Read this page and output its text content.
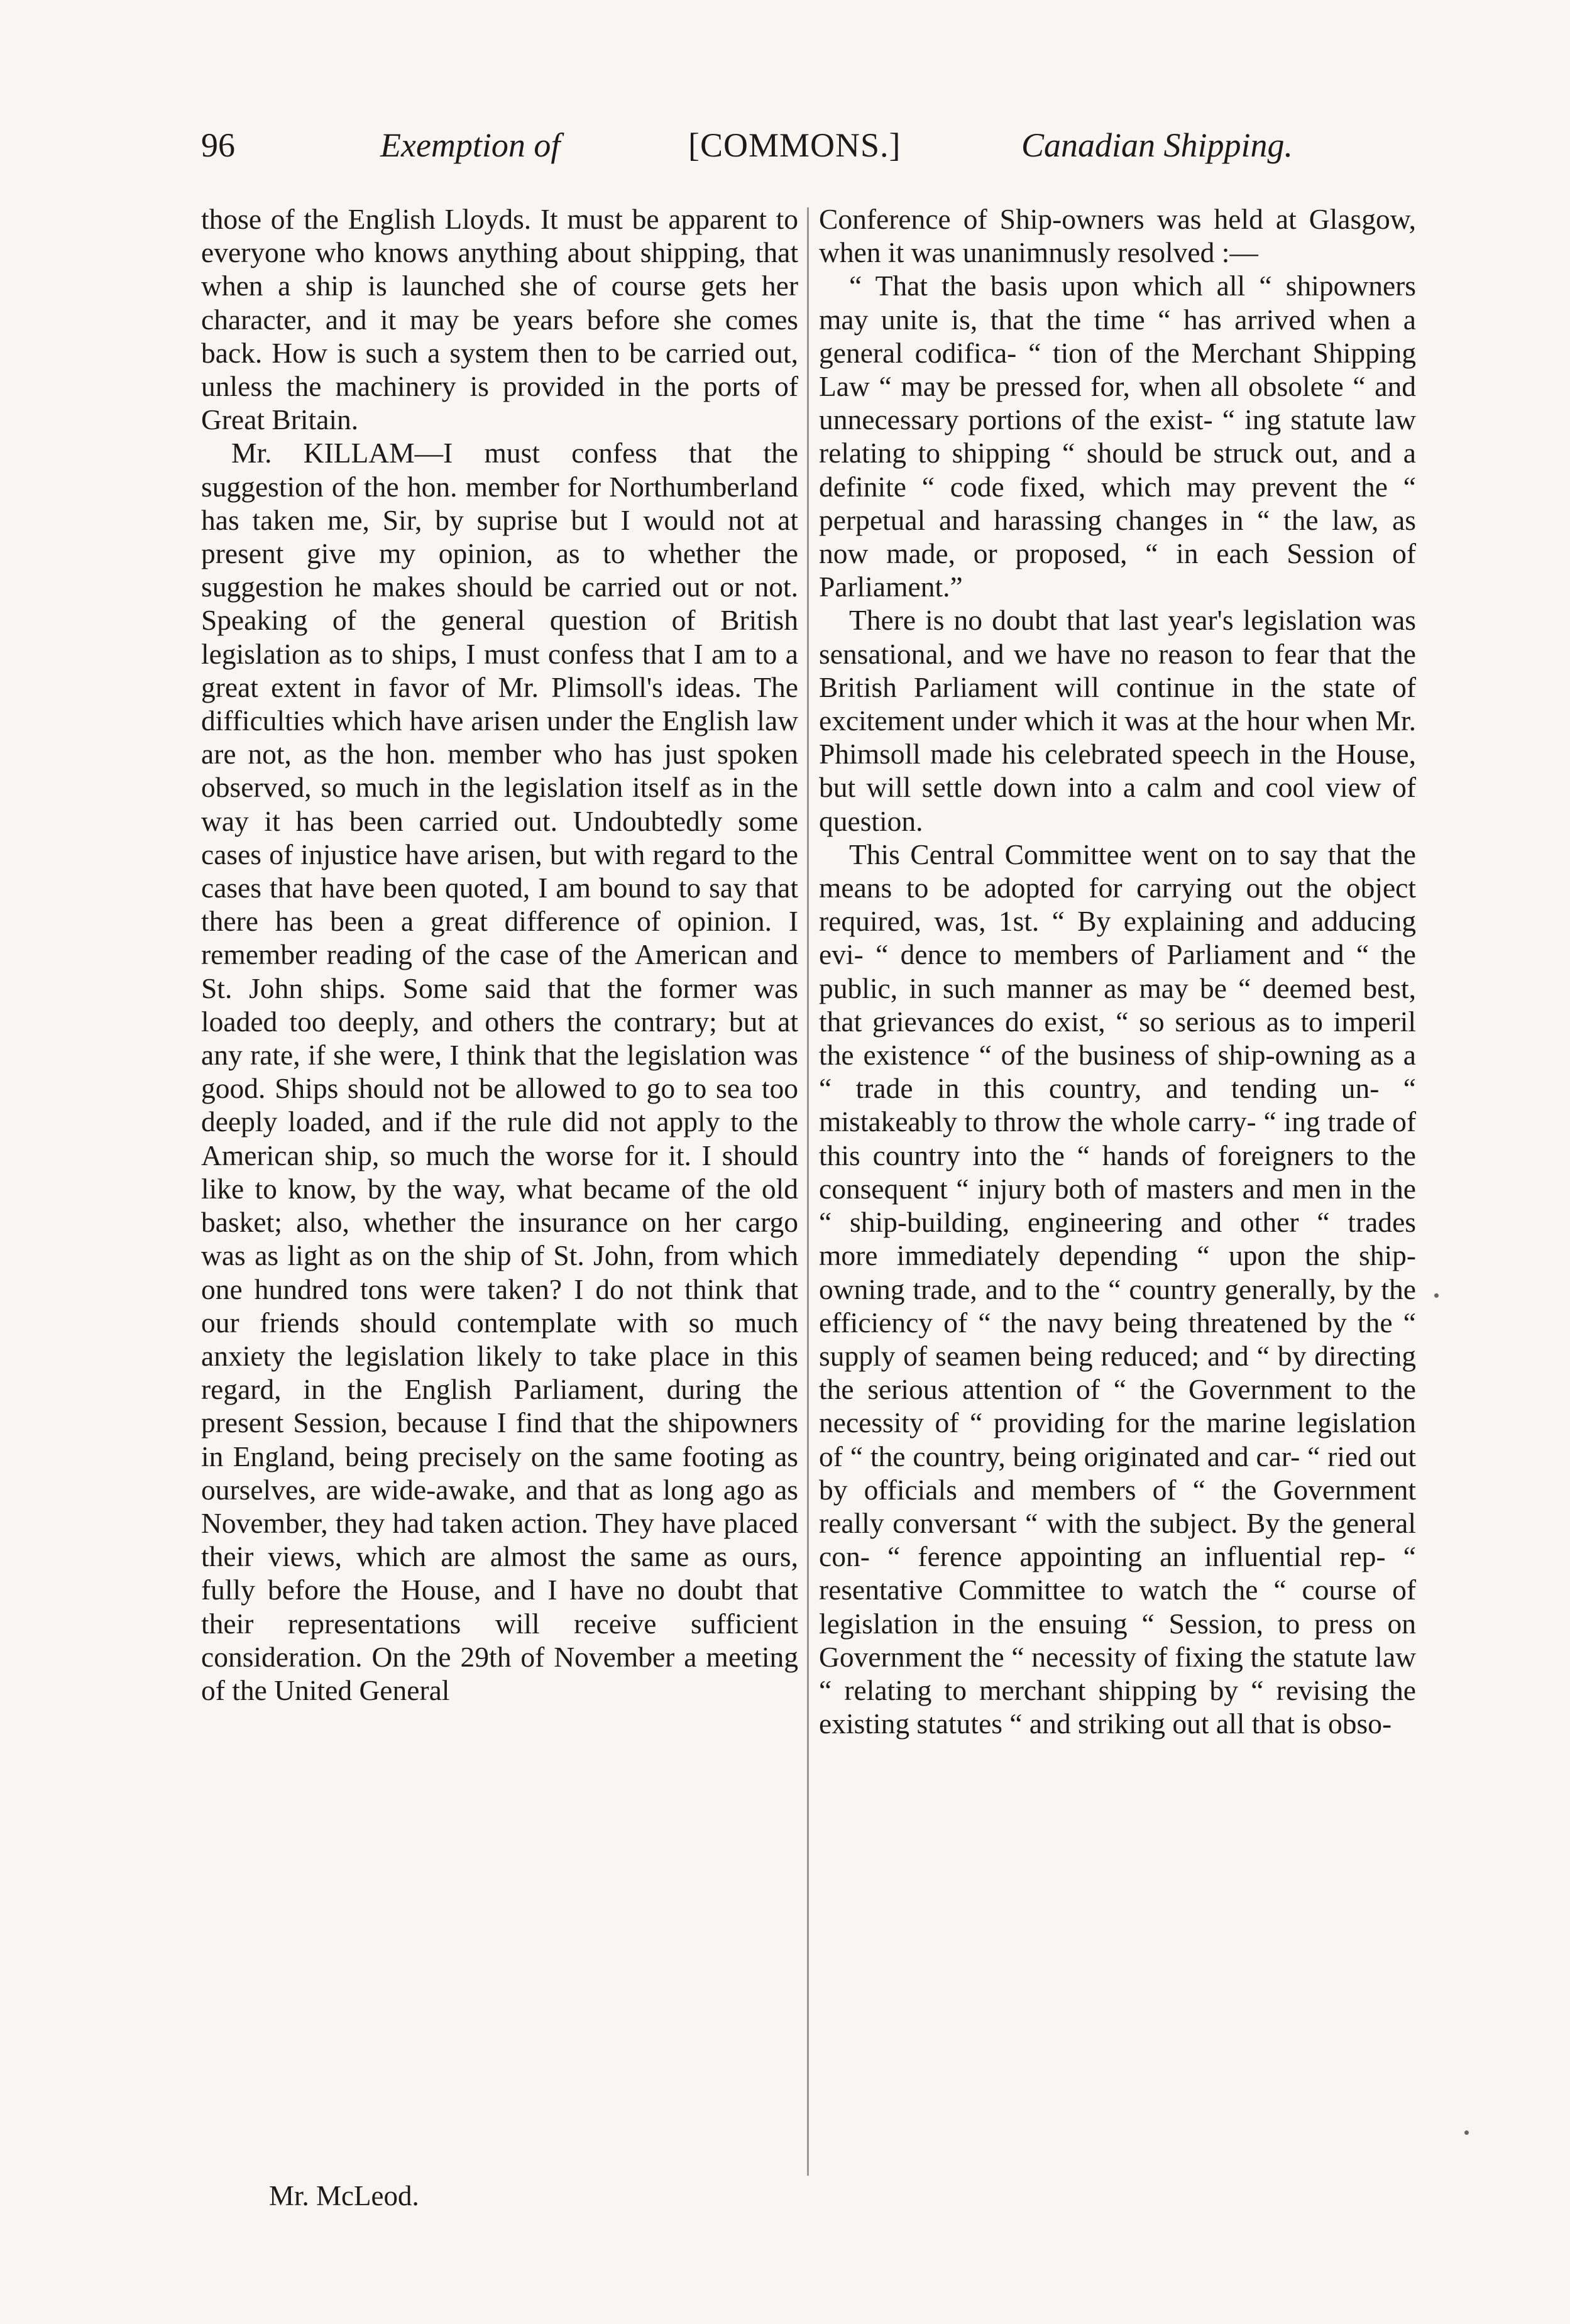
96	Exemption of	[COMMONS.]	Canadian Shipping.

those of the English Lloyds. It must be apparent to everyone who knows anything about shipping, that when a ship is launched she of course gets her character, and it may be years before she comes back. How is such a system then to be carried out, unless the machinery is provided in the ports of Great Britain.

Mr. KILLAM—I must confess that the suggestion of the hon. member for Northumberland has taken me, Sir, by suprise but I would not at present give my opinion, as to whether the suggestion he makes should be carried out or not. Speaking of the general question of British legislation as to ships, I must confess that I am to a great extent in favor of Mr. Plimsoll's ideas. The difficulties which have arisen under the English law are not, as the hon. member who has just spoken observed, so much in the legislation itself as in the way it has been carried out. Undoubtedly some cases of injustice have arisen, but with regard to the cases that have been quoted, I am bound to say that there has been a great difference of opinion. I remember reading of the case of the American and St. John ships. Some said that the former was loaded too deeply, and others the contrary; but at any rate, if she were, I think that the legislation was good. Ships should not be allowed to go to sea too deeply loaded, and if the rule did not apply to the American ship, so much the worse for it. I should like to know, by the way, what became of the old basket; also, whether the insurance on her cargo was as light as on the ship of St. John, from which one hundred tons were taken? I do not think that our friends should contemplate with so much anxiety the legislation likely to take place in this regard, in the English Parliament, during the present Session, because I find that the shipowners in England, being precisely on the same footing as ourselves, are wide-awake, and that as long ago as November, they had taken action. They have placed their views, which are almost the same as ours, fully before the House, and I have no doubt that their representations will receive sufficient consideration. On the 29th of November a meeting of the United General

Conference of Ship-owners was held at Glasgow, when it was unanimnusly resolved :—

“ That the basis upon which all “ shipowners may unite is, that the time “ has arrived when a general codifica- “ tion of the Merchant Shipping Law “ may be pressed for, when all obsolete “ and unnecessary portions of the exist- “ ing statute law relating to shipping “ should be struck out, and a definite “ code fixed, which may prevent the “ perpetual and harassing changes in “ the law, as now made, or proposed, “ in each Session of Parliament.”

There is no doubt that last year's legislation was sensational, and we have no reason to fear that the British Parliament will continue in the state of excitement under which it was at the hour when Mr. Phimsoll made his celebrated speech in the House, but will settle down into a calm and cool view of question.

This Central Committee went on to say that the means to be adopted for carrying out the object required, was, 1st. “ By explaining and adducing evi- “ dence to members of Parliament and “ the public, in such manner as may be “ deemed best, that grievances do exist, “ so serious as to imperil the existence “ of the business of ship-owning as a “ trade in this country, and tending un- “ mistakeably to throw the whole carry- “ ing trade of this country into the “ hands of foreigners to the consequent “ injury both of masters and men in the “ ship-building, engineering and other “ trades more immediately depending “ upon the ship-owning trade, and to the “ country generally, by the efficiency of “ the navy being threatened by the “ supply of seamen being reduced; and “ by directing the serious attention of “ the Government to the necessity of “ providing for the marine legislation of “ the country, being originated and car- “ ried out by officials and members of “ the Government really conversant “ with the subject. By the general con- “ ference appointing an influential rep- “ resentative Committee to watch the “ course of legislation in the ensuing “ Session, to press on Government the “ necessity of fixing the statute law “ relating to merchant shipping by “ revising the existing statutes “ and striking out all that is obso-

Mr. McLeod.
